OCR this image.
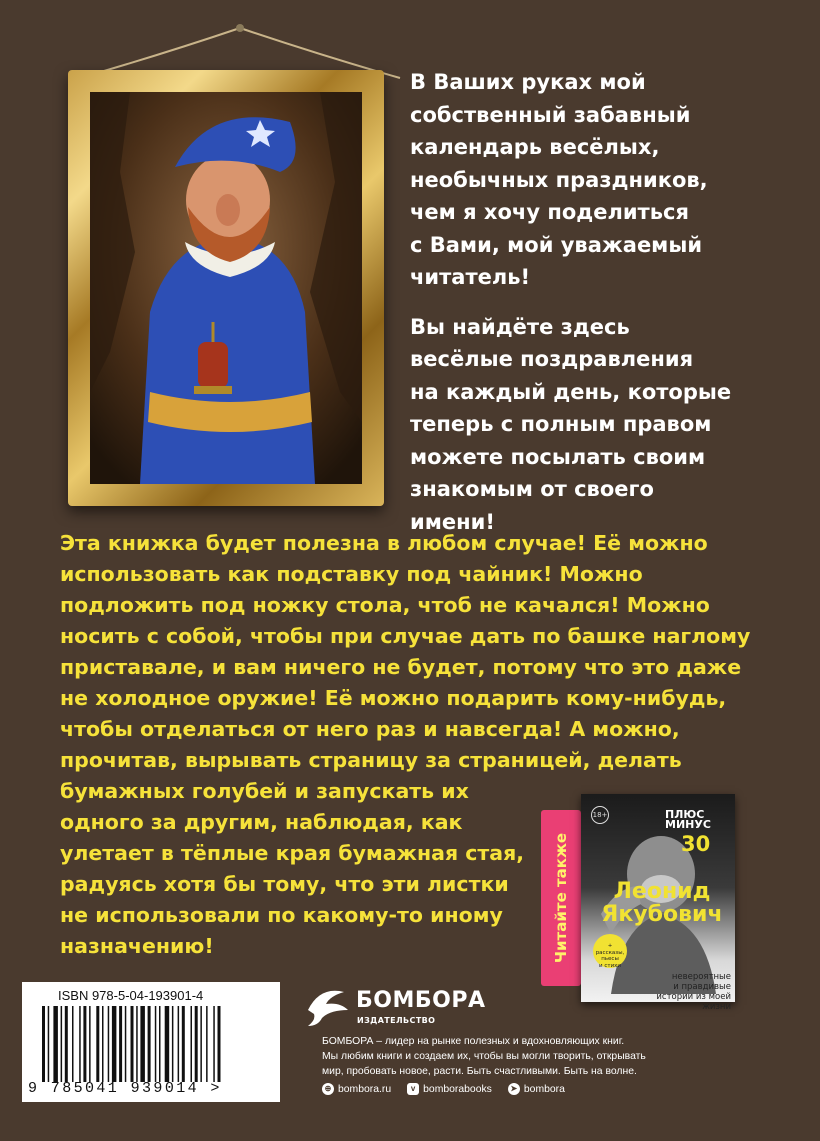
В Ваших руках мой
собственный забавный
календарь весёлых,
необычных праздников,
чем я хочу поделиться
с Вами, мой уважаемый
читатель!

Вы найдёте здесь
весёлые поздравления
на каждый день, которые
теперь с полным правом
можете посылать своим
знакомым от своего
имени!

Эта книжка будет полезна в любом случае! Её можно
использовать как подставку под чайник! Можно
подложить под ножку стола, чтоб не качался! Можно
носить с собой, чтобы при случае дать по башке наглому
приставале, и вам ничего не будет, потому что это даже
не холодное оружие! Её можно подарить кому-нибудь,
чтобы отделаться от него раз и навсегда! А можно,
прочитав, вырывать страницу за страницей, делать
бумажных голубей и запускать их
одного за другим, наблюдая, как
улетает в тёплые края бумажная стая,
радуясь хотя бы тому, что эти листки
не использовали по какому-то иному
назначению!	Читайте также
18+	ПЛЮС
МИНУС
30
Леонид
Якубович
+ рассказы,
пьесы
и стихи
невероятные
и правдивые
истории из моей жизни
ISBN 978-5-04-193901-4
9 785041 939014 >
БОМБОРА
ИЗДАТЕЛЬСТВО
БОМБОРА – лидер на рынке полезных и вдохновляющих книг.
Мы любим книги и создаем их, чтобы вы могли творить, открывать
мир, пробовать новое, расти. Быть счастливыми. Быть на волне.
⊕ bombora.ru	v bomborabooks	➤ bombora
